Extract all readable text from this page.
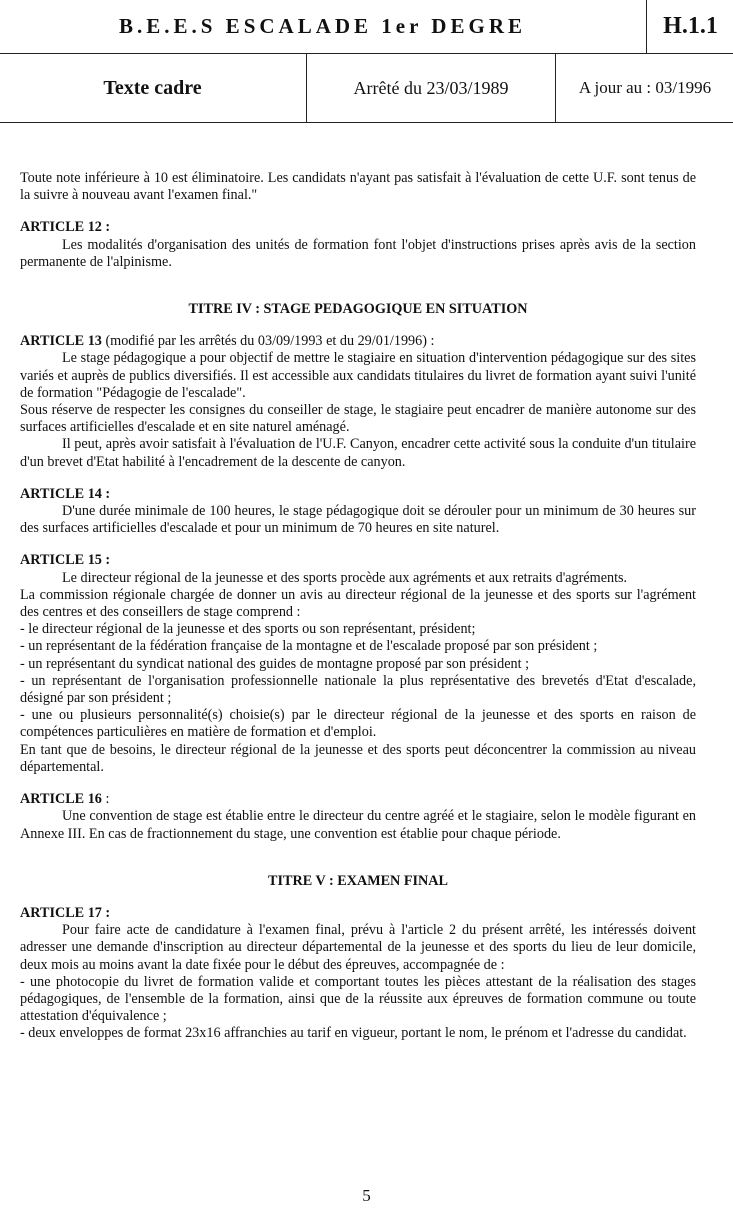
B.E.E.S ESCALADE 1er DEGRE	H.1.1
Texte cadre	Arrêté du 23/03/1989	A jour au : 03/1996

Toute note inférieure à 10 est éliminatoire. Les candidats n'ayant pas satisfait à l'évaluation de cette U.F. sont tenus de la suivre à nouveau avant l'examen final."

ARTICLE 12 :

Les modalités d'organisation des unités de formation font l'objet d'instructions prises après avis de la section permanente de l'alpinisme.

TITRE IV : STAGE PEDAGOGIQUE EN SITUATION

ARTICLE 13 (modifié par les arrêtés du 03/09/1993 et du 29/01/1996) :

Le stage pédagogique a pour objectif de mettre le stagiaire en situation d'intervention pédagogique sur des sites variés et auprès de publics diversifiés. Il est accessible aux candidats titulaires du livret de formation ayant suivi l'unité de formation "Pédagogie de l'escalade".

Sous réserve de respecter les consignes du conseiller de stage, le stagiaire peut encadrer de manière autonome sur des surfaces artificielles d'escalade et en site naturel aménagé.

Il peut, après avoir satisfait à l'évaluation de l'U.F. Canyon, encadrer cette activité sous la conduite d'un titulaire d'un brevet d'Etat habilité à l'encadrement de la descente de canyon.

ARTICLE 14 :

D'une durée minimale de 100 heures, le stage pédagogique doit se dérouler pour un minimum de 30 heures sur des surfaces artificielles d'escalade et pour un minimum de 70 heures en site naturel.

ARTICLE 15 :

Le directeur régional de la jeunesse et des sports procède aux agréments et aux retraits d'agréments.

La commission régionale chargée de donner un avis au directeur régional de la jeunesse et des sports sur l'agrément des centres et des conseillers de stage comprend :

- le directeur régional de la jeunesse et des sports ou son représentant, président;

- un représentant de la fédération française de la montagne et de l'escalade proposé par son président ;

- un représentant du syndicat national des guides de montagne proposé par son président ;

- un représentant de l'organisation professionnelle nationale la plus représentative des brevetés d'Etat d'escalade, désigné par son président ;

- une ou plusieurs personnalité(s) choisie(s) par le directeur régional de la jeunesse et des sports en raison de compétences particulières en matière de formation et d'emploi.

En tant que de besoins, le directeur régional de la jeunesse et des sports peut déconcentrer la commission au niveau départemental.

ARTICLE 16 :

Une convention de stage est établie entre le directeur du centre agréé et le stagiaire, selon le modèle figurant en Annexe III. En cas de fractionnement du stage, une convention est établie pour chaque période.

TITRE V : EXAMEN FINAL

ARTICLE 17 :

Pour faire acte de candidature à l'examen final, prévu à l'article 2 du présent arrêté, les intéressés doivent adresser une demande d'inscription au directeur départemental de la jeunesse et des sports du lieu de leur domicile, deux mois au moins avant la date fixée pour le début des épreuves, accompagnée de :

- une photocopie du livret de formation valide et comportant toutes les pièces attestant de la réalisation des stages pédagogiques, de l'ensemble de la formation, ainsi que de la réussite aux épreuves de formation commune ou toute attestation d'équivalence ;

- deux enveloppes de format 23x16 affranchies au tarif en vigueur, portant le nom, le prénom et l'adresse du candidat.

5
